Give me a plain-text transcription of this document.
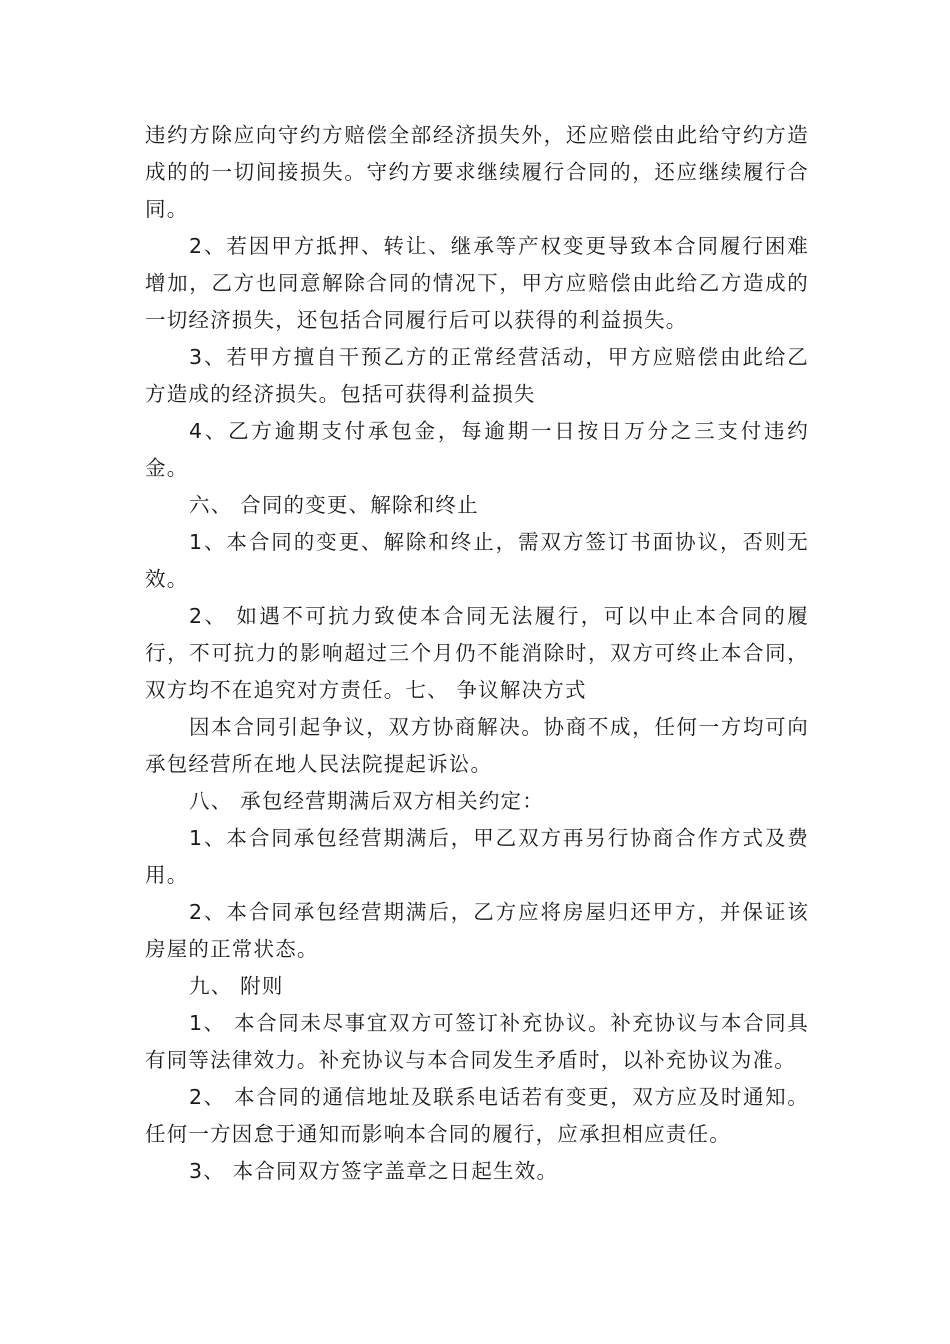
违约方除应向守约方赔偿全部经济损失外，还应赔偿由此给守约方造成的的一切间接损失。守约方要求继续履行合同的，还应继续履行合同。

2、若因甲方抵押、转让、继承等产权变更导致本合同履行困难增加，乙方也同意解除合同的情况下，甲方应赔偿由此给乙方造成的一切经济损失，还包括合同履行后可以获得的利益损失。

3、若甲方擅自干预乙方的正常经营活动，甲方应赔偿由此给乙方造成的经济损失。包括可获得利益损失

4、乙方逾期支付承包金，每逾期一日按日万分之三支付违约金。

六、 合同的变更、解除和终止

1、本合同的变更、解除和终止，需双方签订书面协议，否则无效。

2、 如遇不可抗力致使本合同无法履行，可以中止本合同的履行，不可抗力的影响超过三个月仍不能消除时，双方可终止本合同，双方均不在追究对方责任。七、 争议解决方式

因本合同引起争议，双方协商解决。协商不成，任何一方均可向承包经营所在地人民法院提起诉讼。

八、 承包经营期满后双方相关约定：

1、本合同承包经营期满后，甲乙双方再另行协商合作方式及费用。

2、本合同承包经营期满后，乙方应将房屋归还甲方，并保证该房屋的正常状态。

九、 附则

1、 本合同未尽事宜双方可签订补充协议。补充协议与本合同具有同等法律效力。补充协议与本合同发生矛盾时，以补充协议为准。

2、 本合同的通信地址及联系电话若有变更，双方应及时通知。任何一方因怠于通知而影响本合同的履行，应承担相应责任。

3、 本合同双方签字盖章之日起生效。
